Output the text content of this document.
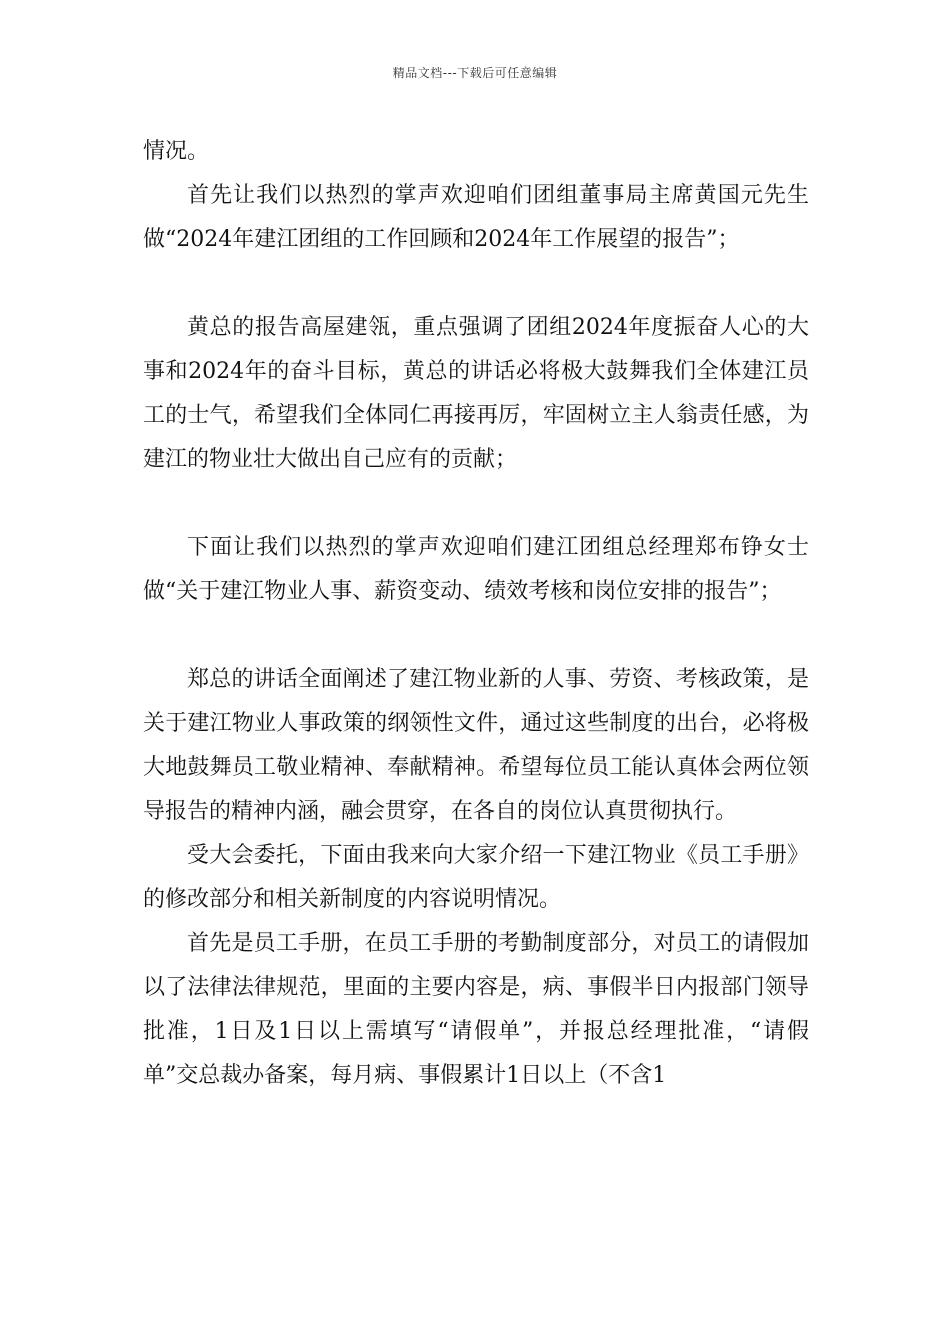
精品文档---下载后可任意编辑

情况。

首先让我们以热烈的掌声欢迎咱们团组董事局主席黄国元先生做“2024年建江团组的工作回顾和2024年工作展望的报告”；

黄总的报告高屋建瓴，重点强调了团组2024年度振奋人心的大事和2024年的奋斗目标，黄总的讲话必将极大鼓舞我们全体建江员工的士气，希望我们全体同仁再接再厉，牢固树立主人翁责任感，为建江的物业壮大做出自己应有的贡献；

下面让我们以热烈的掌声欢迎咱们建江团组总经理郑布铮女士做“关于建江物业人事、薪资变动、绩效考核和岗位安排的报告”；

郑总的讲话全面阐述了建江物业新的人事、劳资、考核政策，是关于建江物业人事政策的纲领性文件，通过这些制度的出台，必将极大地鼓舞员工敬业精神、奉献精神。希望每位员工能认真体会两位领导报告的精神内涵，融会贯穿，在各自的岗位认真贯彻执行。

受大会委托，下面由我来向大家介绍一下建江物业《员工手册》的修改部分和相关新制度的内容说明情况。

首先是员工手册，在员工手册的考勤制度部分，对员工的请假加以了法律法律规范，里面的主要内容是，病、事假半日内报部门领导批准，1日及1日以上需填写“请假单”，并报总经理批准，“请假单”交总裁办备案，每月病、事假累计1日以上（不含1
